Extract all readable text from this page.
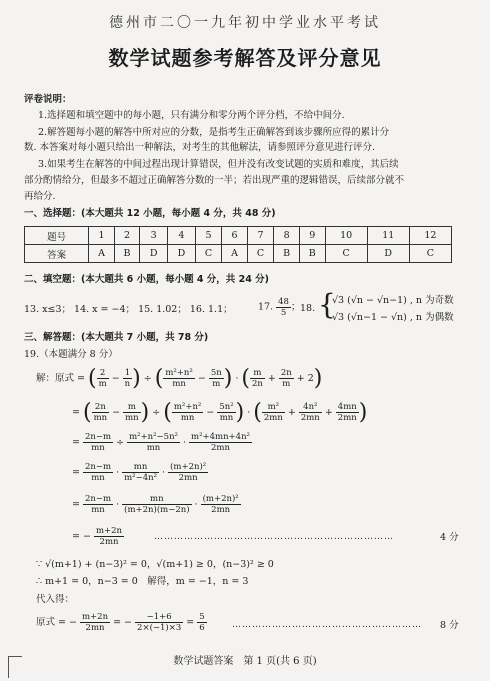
德州市二〇一九年初中学业水平考试
数学试题参考解答及评分意见
评卷说明：
1.选择题和填空题中的每小题，只有满分和零分两个评分档，不给中间分.
2.解答题每小题的解答中所对应的分数，是指考生正确解答到该步骤所应得的累计分
数. 本答案对每小题只给出一种解法，对考生的其他解法，请参照评分意见进行评分.
3.如果考生在解答的中间过程出现计算错误，但并没有改变试题的实质和难度，其后续
部分酌情给分，但最多不超过正确解答分数的一半；若出现严重的逻辑错误，后续部分就不
再给分.
一、选择题：(本大题共 12 小题，每小题 4 分，共 48 分)
题号	1	2	3	4	5	6	7	8	9	10	11	12
答案	A	B	D	D	C	A	C	B	B	C	D	C
二、填空题：(本大题共 6 小题，每小题 4 分，共 24 分)
13. x≤3； 14. x = −4； 15. 1.02； 16. 1.1；	17. $\frac{48}{5}$ ； 18. {
√3 (√n − √n−1) , n 为奇数
√3 (√n−1 − √n) , n 为偶数
三、解答题：(本大题共 7 小题，共 78 分)
19.（本题满分 8 分）
解：原式 = ( $\frac{2}{m} - \frac{1}{n}$ ) ÷ ( $\frac{\text{m²+n²}}{mn} - \frac{5n}{m}$ ) · ( $\frac{m}{2n} + \frac{2n}{m} + 2$)
= ( $\frac{2n}{mn} - \frac{m}{mn}$ ) ÷ ( $\frac{\text{m²+n²}}{mn} - \frac{\text{5n²}}{mn}$ ) · ( $\frac{\text{m²}}{2mn} + \frac{\text{4n²}}{2mn} + \frac{4mn}{2mn}$ )
= $\frac{2n-m}{mn} \div \frac{\text{m²+n²−5n²}}{mn} \cdot \frac{\text{m²+4mn+4n²}}{2mn}$
= $\frac{2n-m}{mn} \cdot \frac{mn}{\text{m²−4n²}} \cdot \frac{\text{(m+2n)²}}{2mn}$
= $\frac{2n-m}{mn} \cdot \frac{mn}{(m+2n)(m-2n)} \cdot \frac{\text{(m+2n)²}}{2mn}$
= − $\frac{m+2n}{2mn}$	………………………………………………………………	4 分
∵ √(m+1) + (n−3)² = 0，√(m+1) ≥ 0，(n−3)² ≥ 0
∴ m+1 = 0，n−3 = 0　解得，m = −1，n = 3
代入得：
原式 = − $\frac{m+2n}{2mn}$ = − $\frac{-1+6}{2\times(-1)\times 3} = \frac{5}{6}$	………………………………………………… 8 分
数学试题答案　第 1 页(共 6 页)
